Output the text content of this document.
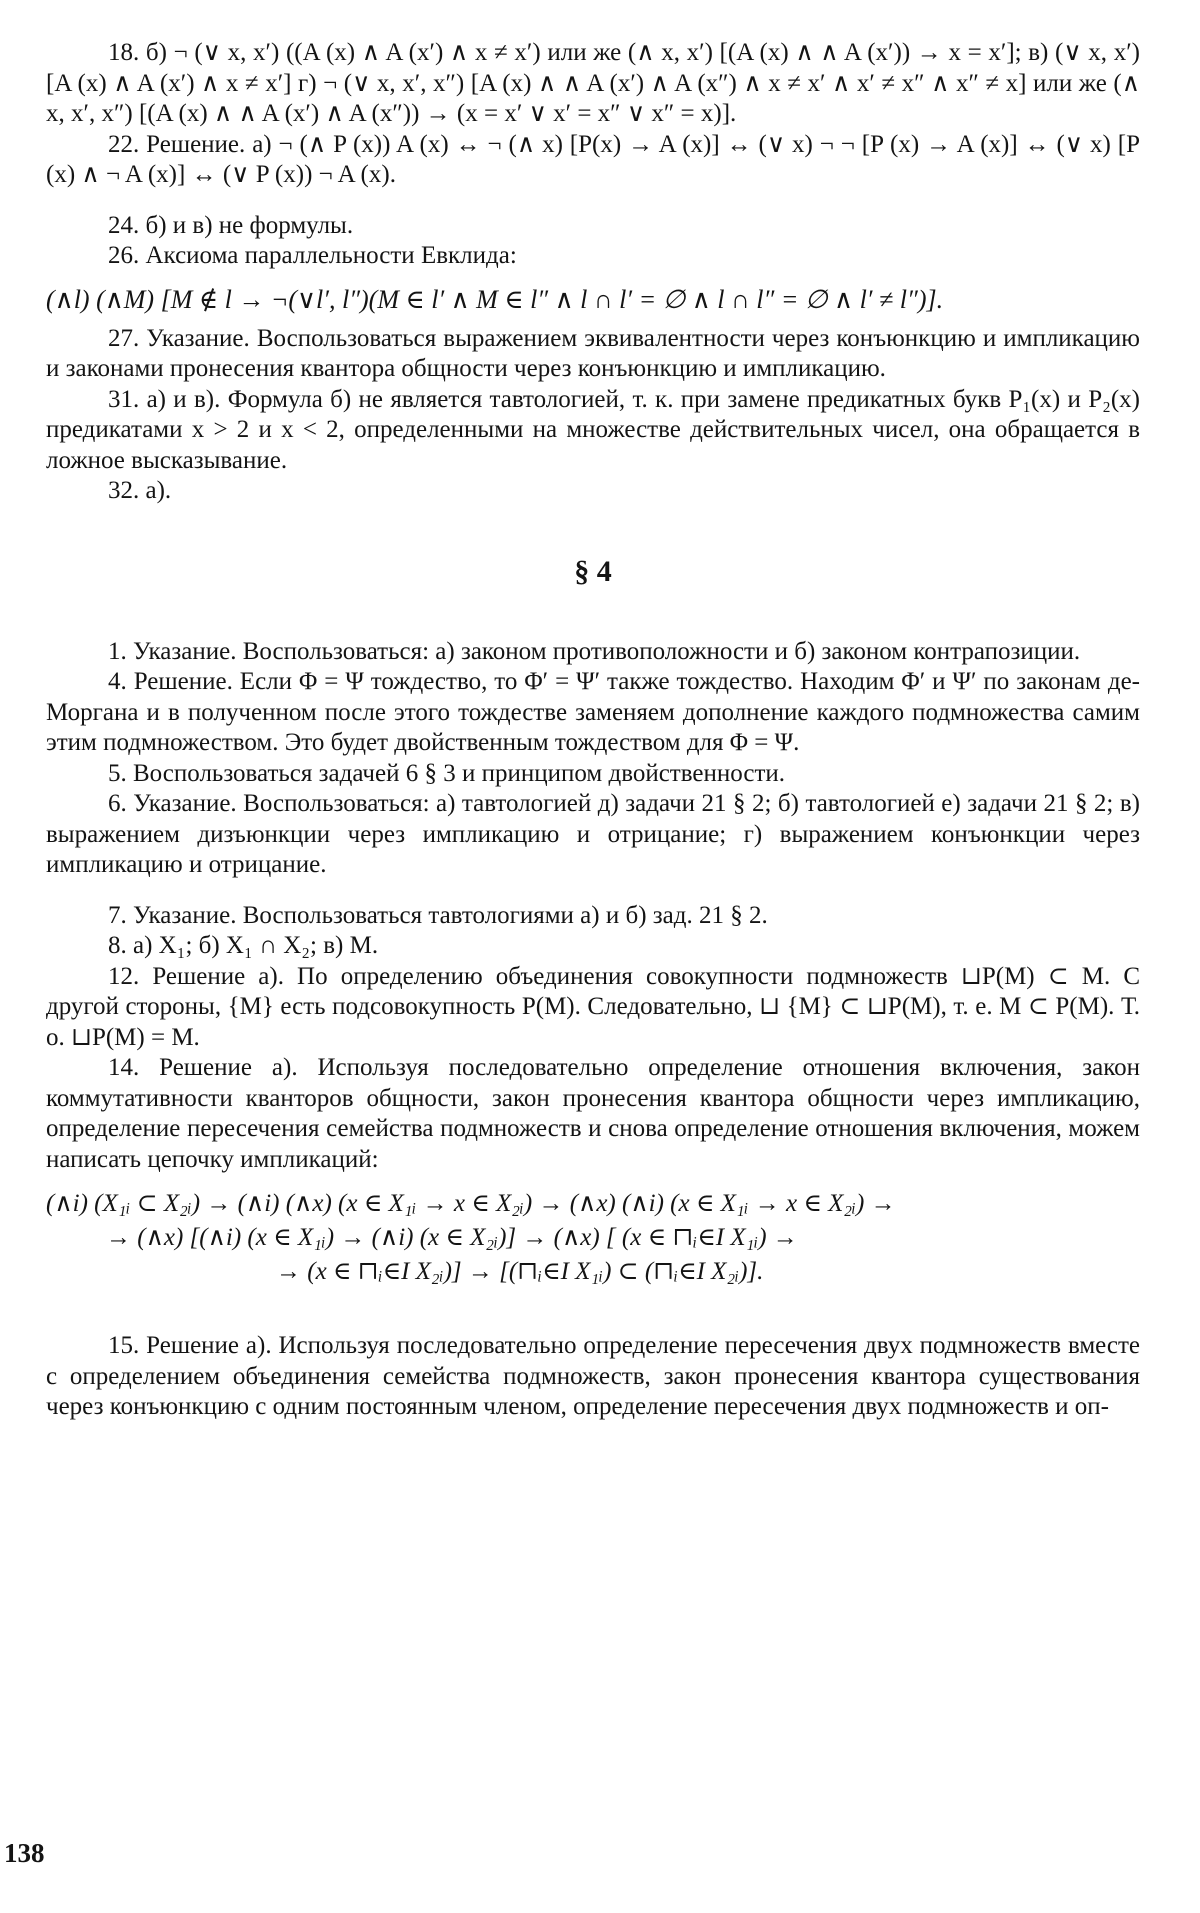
18. б) ¬ (∨ x, x′) ((A (x) ∧ A (x′) ∧ x ≠ x′) или же (∧ x, x′) [(A (x) ∧ ∧ A (x′)) → x = x′]; в) (∨ x, x′) [A (x) ∧ A (x′) ∧ x ≠ x′] г) ¬ (∨ x, x′, x″) [A (x) ∧ ∧ A (x′) ∧ A (x″) ∧ x ≠ x′ ∧ x′ ≠ x″ ∧ x″ ≠ x] или же (∧ x, x′, x″) [(A (x) ∧ ∧ A (x′) ∧ A (x″)) → (x = x′ ∨ x′ = x″ ∨ x″ = x)].

22. Решение. а) ¬ (∧ P (x)) A (x) ↔ ¬ (∧ x) [P(x) → A (x)] ↔ (∨ x) ¬ ¬ [P (x) → A (x)] ↔ (∨ x) [P (x) ∧ ¬ A (x)] ↔ (∨ P (x)) ¬ A (x).

24. б) и в) не формулы.

26. Аксиома параллельности Евклида:

(∧l) (∧M) [M ∉ l → ¬(∨l′, l″)(M ∈ l′ ∧ M ∈ l″ ∧ l ∩ l′ = ∅ ∧ l ∩ l″ = ∅ ∧ l′ ≠ l″)].

27. Указание. Воспользоваться выражением эквивалентности через конъюнкцию и импликацию и законами пронесения квантора общности через конъюнкцию и импликацию.

31. а) и в). Формула б) не является тавтологией, т. к. при замене предикатных букв P₁(x) и P₂(x) предикатами x > 2 и x < 2, определенными на множестве действительных чисел, она обращается в ложное высказывание.

32. а).

§ 4

1. Указание. Воспользоваться: а) законом противоположности и б) законом контрапозиции.

4. Решение. Если Φ = Ψ тождество, то Φ′ = Ψ′ также тождество. Находим Φ′ и Ψ′ по законам де-Моргана и в полученном после этого тождестве заменяем дополнение каждого подмножества самим этим подмножеством. Это будет двойственным тождеством для Φ = Ψ.

5. Воспользоваться задачей 6 § 3 и принципом двойственности.

6. Указание. Воспользоваться: а) тавтологией д) задачи 21 § 2; б) тавтологией е) задачи 21 § 2; в) выражением дизъюнкции через импликацию и отрицание; г) выражением конъюнкции через импликацию и отрицание.

7. Указание. Воспользоваться тавтологиями а) и б) зад. 21 § 2.

8. а) X₁; б) X₁ ∩ X₂; в) M.

12. Решение а). По определению объединения совокупности подмножеств ⊔P(M) ⊂ M. С другой стороны, {M} есть подсовокупность P(M). Следовательно, ⊔ {M} ⊂ ⊔P(M), т. е. M ⊂ P(M). Т. о. ⊔P(M) = M.

14. Решение а). Используя последовательно определение отношения включения, закон коммутативности кванторов общности, закон пронесения квантора общности через импликацию, определение пересечения семейства подмножеств и снова определение отношения включения, можем написать цепочку импликаций:

(∧i) (X₁ᵢ ⊂ X₂ᵢ) → (∧i) (∧x) (x ∈ X₁ᵢ → x ∈ X₂ᵢ) → (∧x) (∧i) (x ∈ X₁ᵢ → x ∈ X₂ᵢ) →

→ (∧x) [(∧i) (x ∈ X₁ᵢ) → (∧i) (x ∈ X₂ᵢ)] → (∧x) [ (x ∈ ⊓ᵢ∈I X₁ᵢ) →

→ (x ∈ ⊓ᵢ∈I X₂ᵢ)] → [(⊓ᵢ∈I X₁ᵢ) ⊂ (⊓ᵢ∈I X₂ᵢ)].

15. Решение а). Используя последовательно определение пересечения двух подмножеств вместе с определением объединения семейства подмножеств, закон пронесения квантора существования через конъюнкцию с одним постоянным членом, определение пересечения двух подмножеств и оп-

138
